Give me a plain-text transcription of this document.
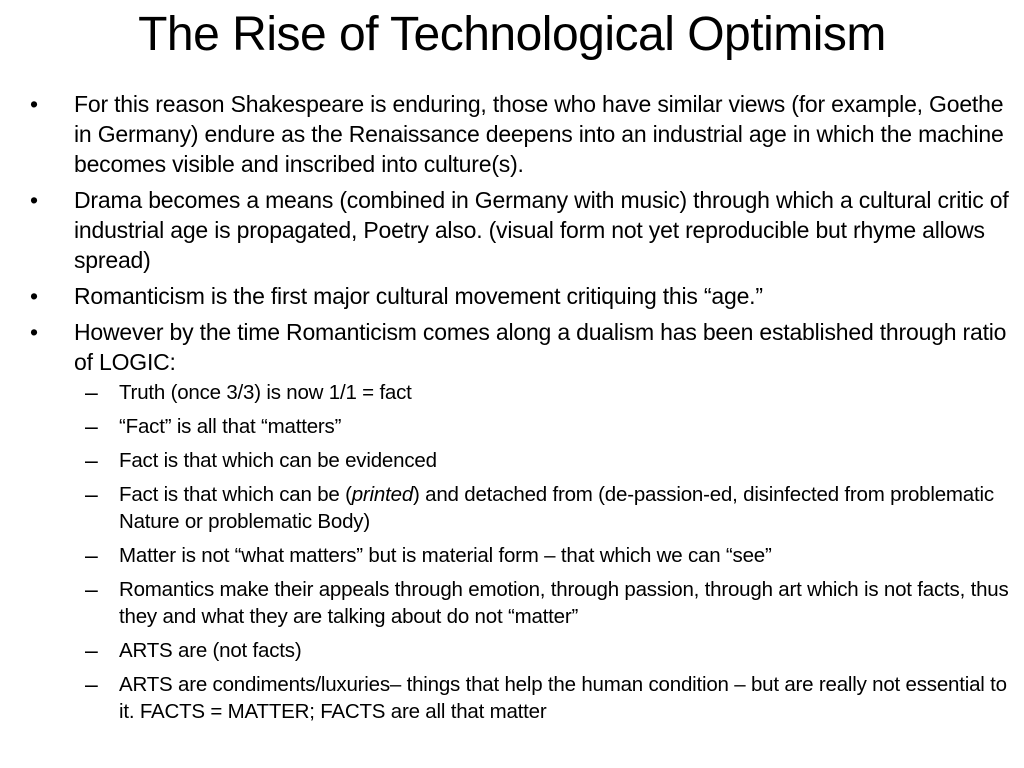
The Rise of Technological Optimism
•	For this reason Shakespeare is enduring, those who have similar views (for example, Goethe in Germany) endure as the Renaissance deepens into an industrial age in which the machine becomes visible and inscribed into culture(s).
•	Drama becomes a means (combined in Germany with music) through which a cultural critic of industrial age is propagated, Poetry also. (visual form not yet reproducible but rhyme allows spread)
•	Romanticism is the first major cultural movement critiquing this “age.”
•	However by the time Romanticism comes along a dualism has been established through ratio of LOGIC:
–	Truth (once 3/3) is now 1/1 = fact
–	“Fact” is all that “matters”
–	Fact is that which can be evidenced
–	Fact is that which can be (printed) and detached from (de-passion-ed, disinfected from problematic Nature or problematic Body)
–	Matter is not “what matters” but is material form – that which we can “see”
–	Romantics make their appeals through emotion, through passion, through art which is not facts, thus they and what they are talking about do not “matter”
–	ARTS are (not facts)
–	ARTS are condiments/luxuries– things that help the human condition – but are really not essential to it. FACTS = MATTER; FACTS are all that matter
